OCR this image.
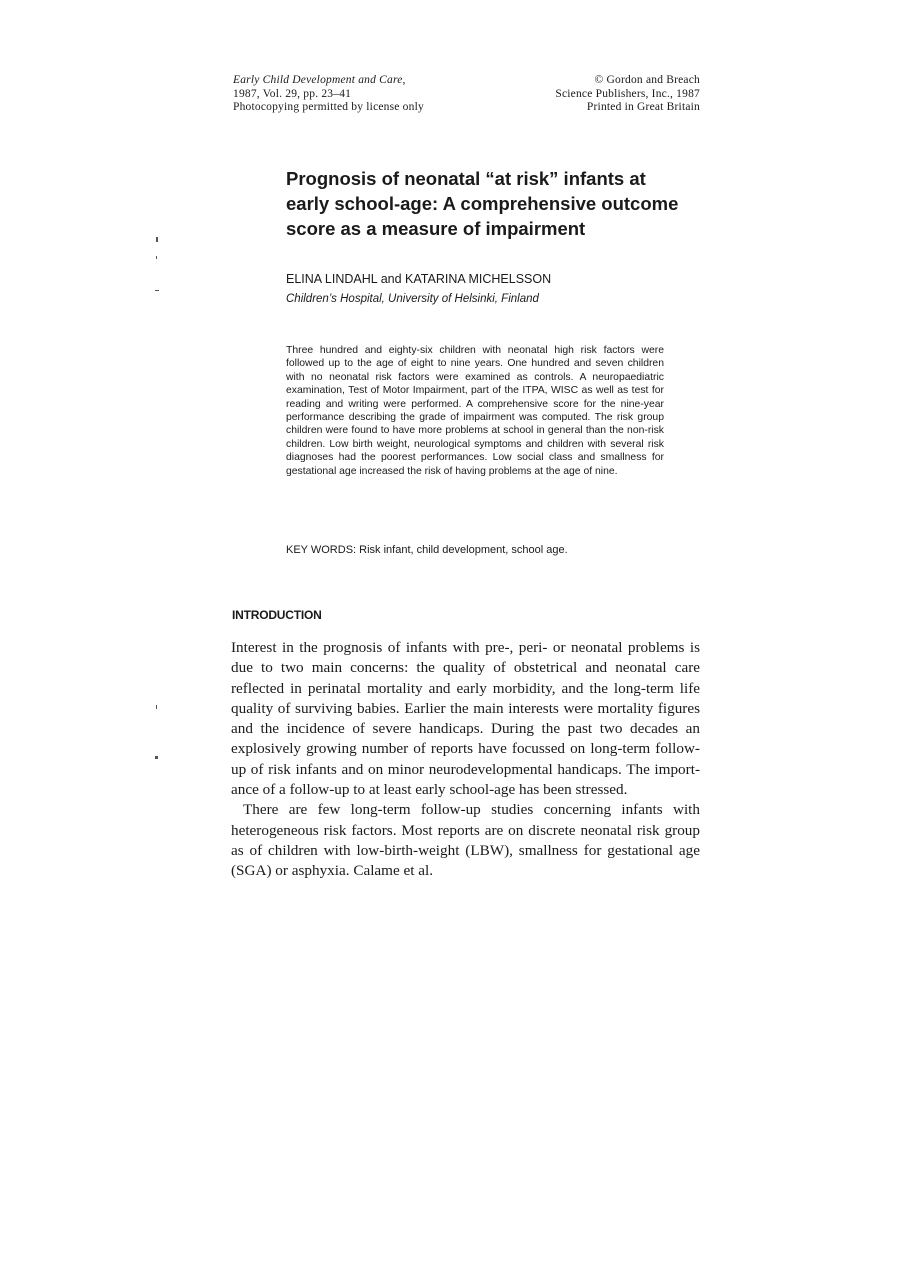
Early Child Development and Care,
1987, Vol. 29, pp. 23–41
Photocopying permitted by license only
© Gordon and Breach
Science Publishers, Inc., 1987
Printed in Great Britain
Prognosis of neonatal “at risk” infants at
early school-age: A comprehensive outcome
score as a measure of impairment
ELINA LINDAHL and KATARINA MICHELSSON
Children’s Hospital, University of Helsinki, Finland

Three hundred and eighty-six children with neonatal high risk factors were followed up to the age of eight to nine years. One hundred and seven children with no neonatal risk factors were examined as controls. A neuropaediatric examination, Test of Motor Impairment, part of the ITPA, WISC as well as test for reading and writing were performed. A comprehensive score for the nine-year performance describing the grade of impairment was computed. The risk group children were found to have more problems at school in general than the non-risk children. Low birth weight, neurological symptoms and children with several risk diagnoses had the poorest performances. Low social class and smallness for gestational age increased the risk of having problems at the age of nine.

KEY WORDS: Risk infant, child development, school age.
INTRODUCTION

Interest in the prognosis of infants with pre-, peri- or neonatal problems is due to two main concerns: the quality of obstetrical and neonatal care reflected in perinatal mortality and early morbidity, and the long-term life quality of surviving babies. Earlier the main interests were mortality figures and the incidence of severe handicaps. During the past two decades an explosively growing number of reports have focussed on long-term follow-up of risk infants and on minor neurodevelopmental handicaps. The importance of a follow-up to at least early school-age has been stressed.

There are few long-term follow-up studies concerning infants with heterogeneous risk factors. Most reports are on discrete neonatal risk group as of children with low-birth-weight (LBW), smallness for gestational age (SGA) or asphyxia. Calame et al.
